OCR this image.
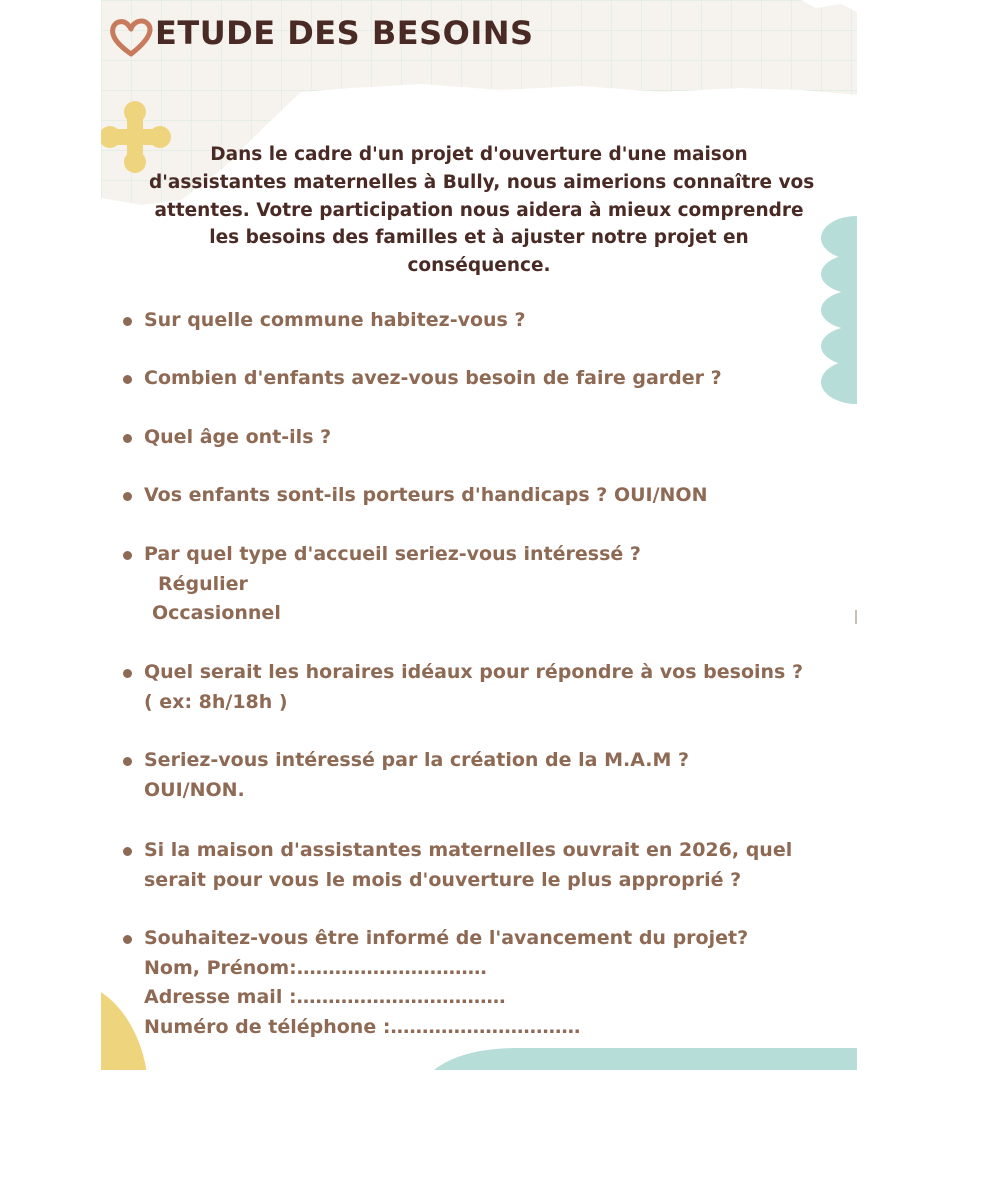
ETUDE DES BESOINS

Dans le cadre d'un projet d'ouverture d'une maison
d'assistantes maternelles à Bully, nous aimerions connaître vos
attentes. Votre participation nous aidera à mieux comprendre
les besoins des familles et à ajuster notre projet en
conséquence.

Sur quelle commune habitez-vous ?
Combien d'enfants avez-vous besoin de faire garder ?
Quel âge ont-ils ?
Vos enfants sont-ils porteurs d'handicaps ? OUI/NON
Par quel type d'accueil seriez-vous intéressé ?
Régulier
Occasionnel
Quel serait les horaires idéaux pour répondre à vos besoins ?
( ex: 8h/18h )
Seriez-vous intéressé par la création de la M.A.M ?
OUI/NON.
Si la maison d'assistantes maternelles ouvrait en 2026, quel
serait pour vous le mois d'ouverture le plus approprié ?
Souhaitez-vous être informé de l'avancement du projet?
Nom, Prénom:…………………………
Adresse mail :……………………………
Numéro de téléphone :…………………………
